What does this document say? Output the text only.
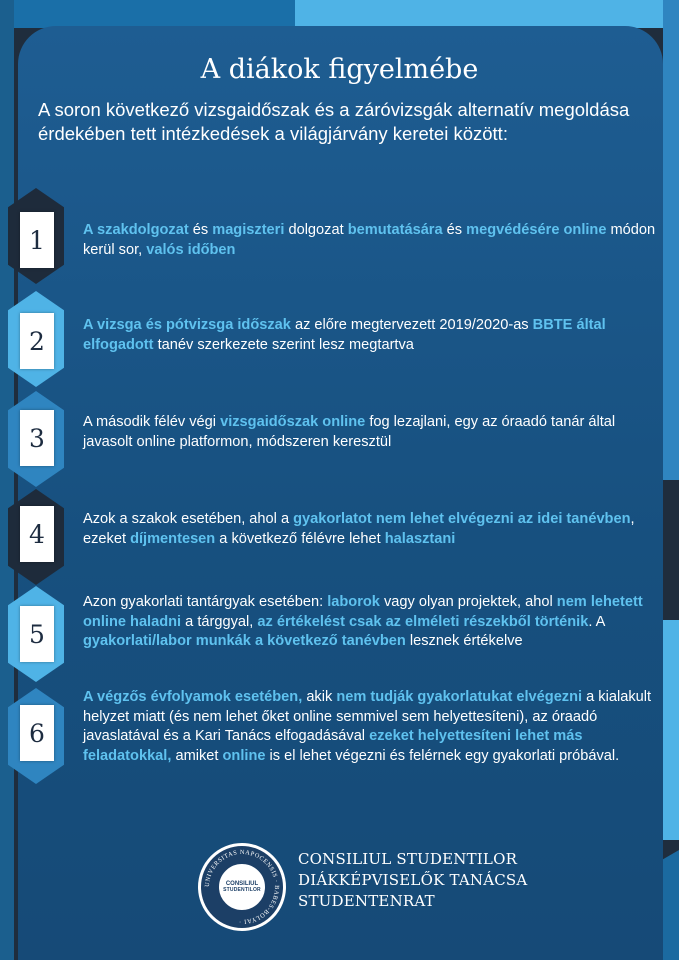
A diákok figyelmébe
A soron következő vizsgaidőszak és a záróvizsgák alternatív megoldása érdekében tett intézkedések a világjárvány keretei között:
1
2
3
4
5
6
A szakdolgozat és magiszteri dolgozat bemutatására és megvédésére online módon kerül sor, valós időben
A vizsga és pótvizsga időszak az előre megtervezett 2019/2020-as BBTE által elfogadott tanév szerkezete szerint lesz megtartva
A második félév végi vizsgaidőszak online fog lezajlani, egy az óraadó tanár által javasolt online platformon, módszeren keresztül
Azok a szakok esetében, ahol a gyakorlatot nem lehet elvégezni az idei tanévben, ezeket díjmentesen a következő félévre lehet halasztani
Azon gyakorlati tantárgyak esetében: laborok vagy olyan projektek, ahol nem lehetett online haladni a tárggyal, az értékelést csak az elméleti részekből történik. A gyakorlati/labor munkák a következő tanévben lesznek értékelve
A végzős évfolyamok esetében, akik nem tudják gyakorlatukat elvégezni a kialakult helyzet miatt (és nem lehet őket online semmivel sem helyettesíteni), az óraadó javaslatával és a Kari Tanács elfogadásával ezeket helyettesíteni lehet más feladatokkal, amiket online is el lehet végezni és felérnek egy gyakorlati próbával.
UNIVERSITAS NAPOCENSIS · BABES-BOLYAI ·
CONSILIUL
STUDENTILOR
CONSILIUL STUDENTILOR
DIÁKKÉPVISELŐK TANÁCSA
STUDENTENRAT
